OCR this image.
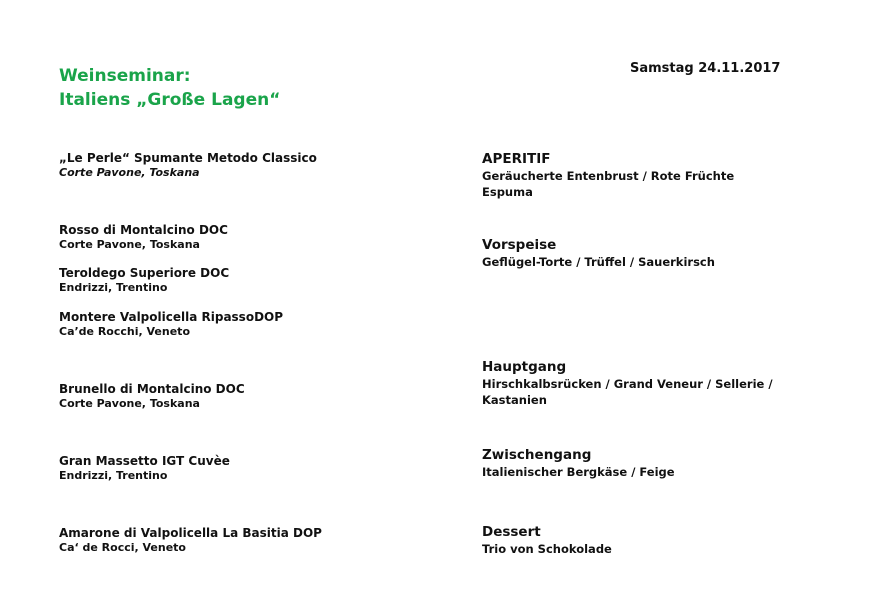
Weinseminar:
Italiens „Große Lagen“
Samstag 24.11.2017
„Le Perle“ Spumante Metodo Classico
Corte Pavone, Toskana
Rosso di Montalcino DOC
Corte Pavone, Toskana
Teroldego Superiore DOC
Endrizzi, Trentino
Montere Valpolicella RipassoDOP
Ca’de Rocchi, Veneto
Brunello di Montalcino DOC
Corte Pavone, Toskana
Gran Massetto IGT Cuvèe
Endrizzi, Trentino
Amarone di Valpolicella La Basitia DOP
Ca‘ de Rocci, Veneto
APERITIF
Geräucherte Entenbrust / Rote Früchte Espuma
Vorspeise
Geflügel-Torte / Trüffel / Sauerkirsch
Hauptgang
Hirschkalbsrücken / Grand Veneur / Sellerie / Kastanien
Zwischengang
Italienischer Bergkäse / Feige
Dessert
Trio von Schokolade
